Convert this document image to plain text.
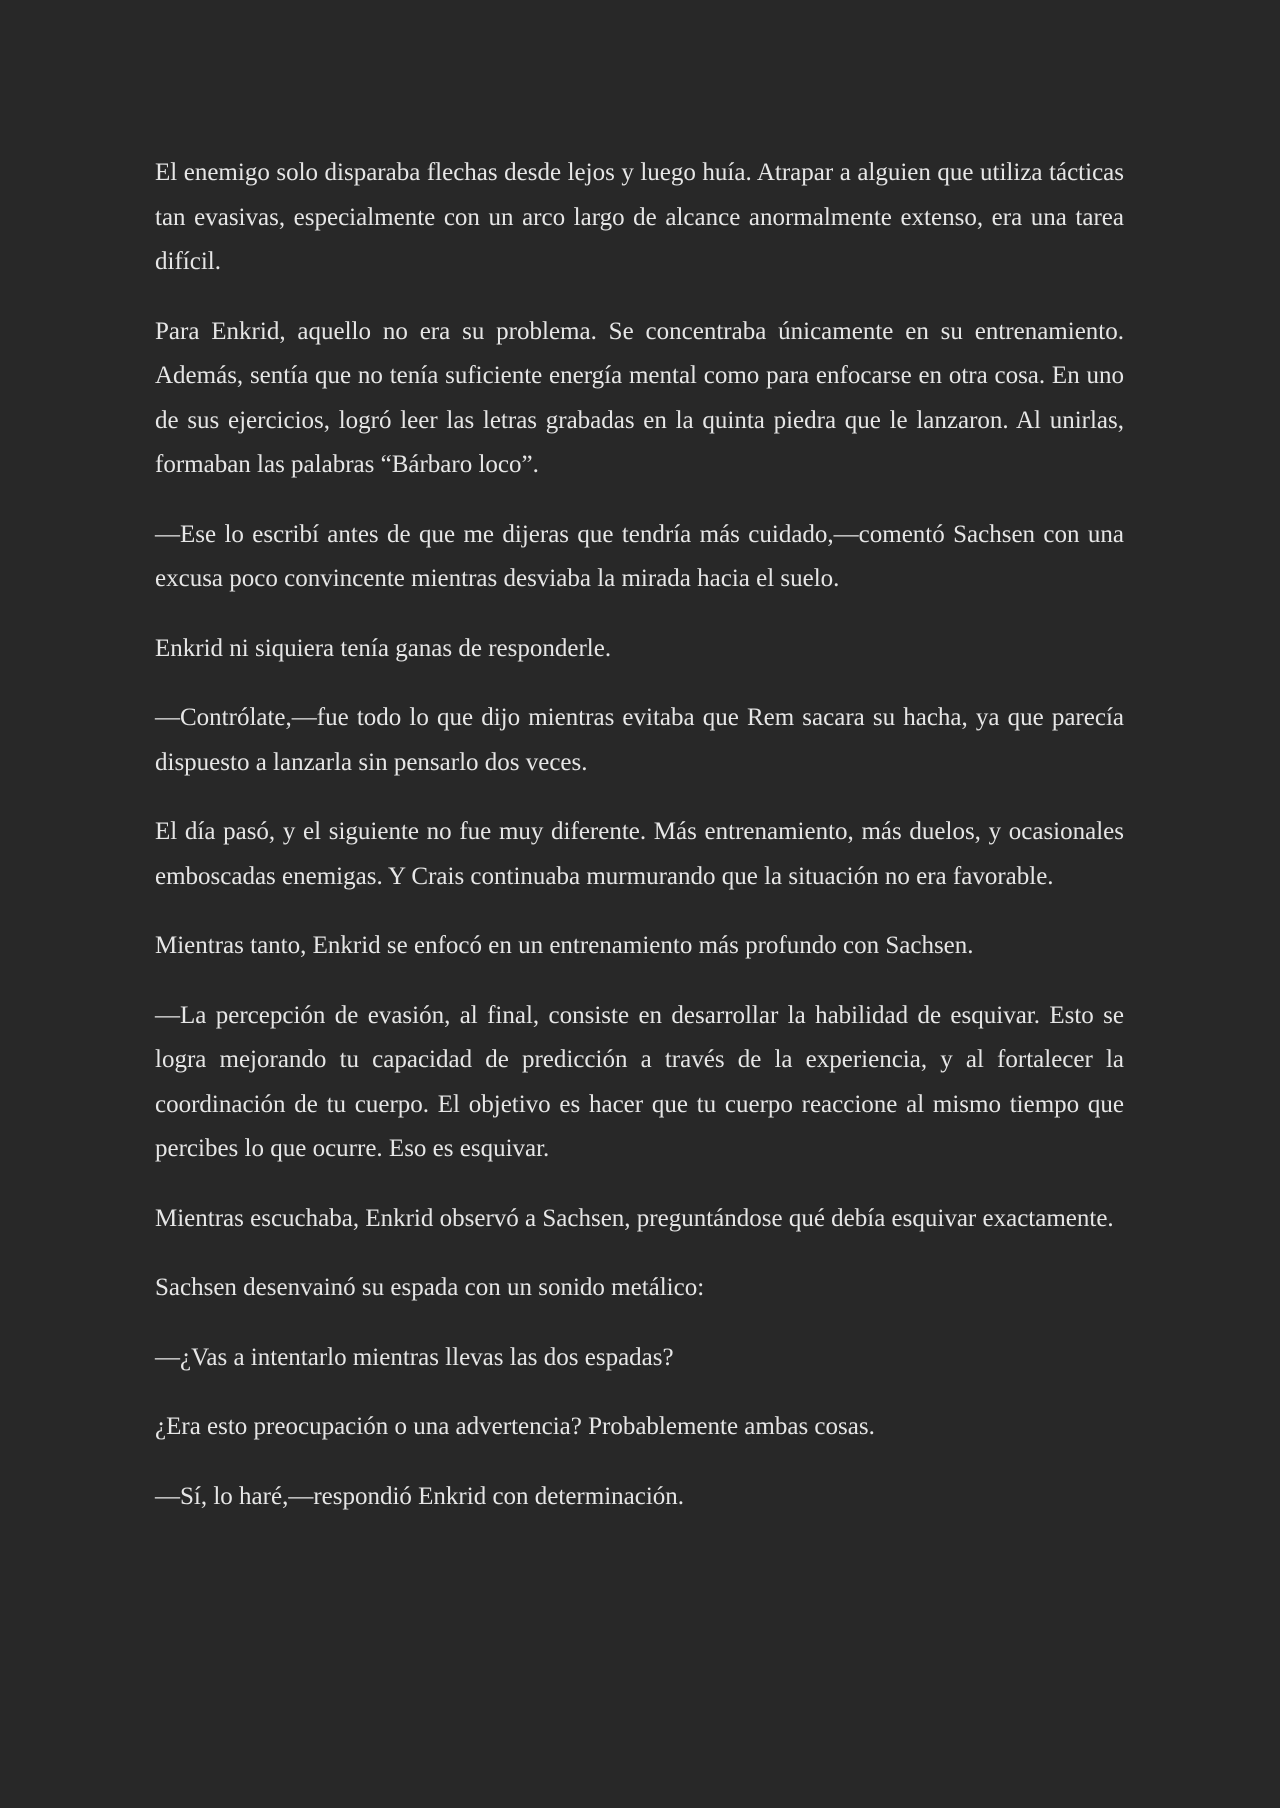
El enemigo solo disparaba flechas desde lejos y luego huía. Atrapar a alguien que utiliza tácticas tan evasivas, especialmente con un arco largo de alcance anormalmente extenso, era una tarea difícil.

Para Enkrid, aquello no era su problema. Se concentraba únicamente en su entrenamiento. Además, sentía que no tenía suficiente energía mental como para enfocarse en otra cosa. En uno de sus ejercicios, logró leer las letras grabadas en la quinta piedra que le lanzaron. Al unirlas, formaban las palabras “Bárbaro loco”.

—Ese lo escribí antes de que me dijeras que tendría más cuidado,—comentó Sachsen con una excusa poco convincente mientras desviaba la mirada hacia el suelo.

Enkrid ni siquiera tenía ganas de responderle.

—Contrólate,—fue todo lo que dijo mientras evitaba que Rem sacara su hacha, ya que parecía dispuesto a lanzarla sin pensarlo dos veces.

El día pasó, y el siguiente no fue muy diferente. Más entrenamiento, más duelos, y ocasionales emboscadas enemigas. Y Crais continuaba murmurando que la situación no era favorable.

Mientras tanto, Enkrid se enfocó en un entrenamiento más profundo con Sachsen.

—La percepción de evasión, al final, consiste en desarrollar la habilidad de esquivar. Esto se logra mejorando tu capacidad de predicción a través de la experiencia, y al fortalecer la coordinación de tu cuerpo. El objetivo es hacer que tu cuerpo reaccione al mismo tiempo que percibes lo que ocurre. Eso es esquivar.

Mientras escuchaba, Enkrid observó a Sachsen, preguntándose qué debía esquivar exactamente.

Sachsen desenvainó su espada con un sonido metálico:

—¿Vas a intentarlo mientras llevas las dos espadas?

¿Era esto preocupación o una advertencia? Probablemente ambas cosas.

—Sí, lo haré,—respondió Enkrid con determinación.
